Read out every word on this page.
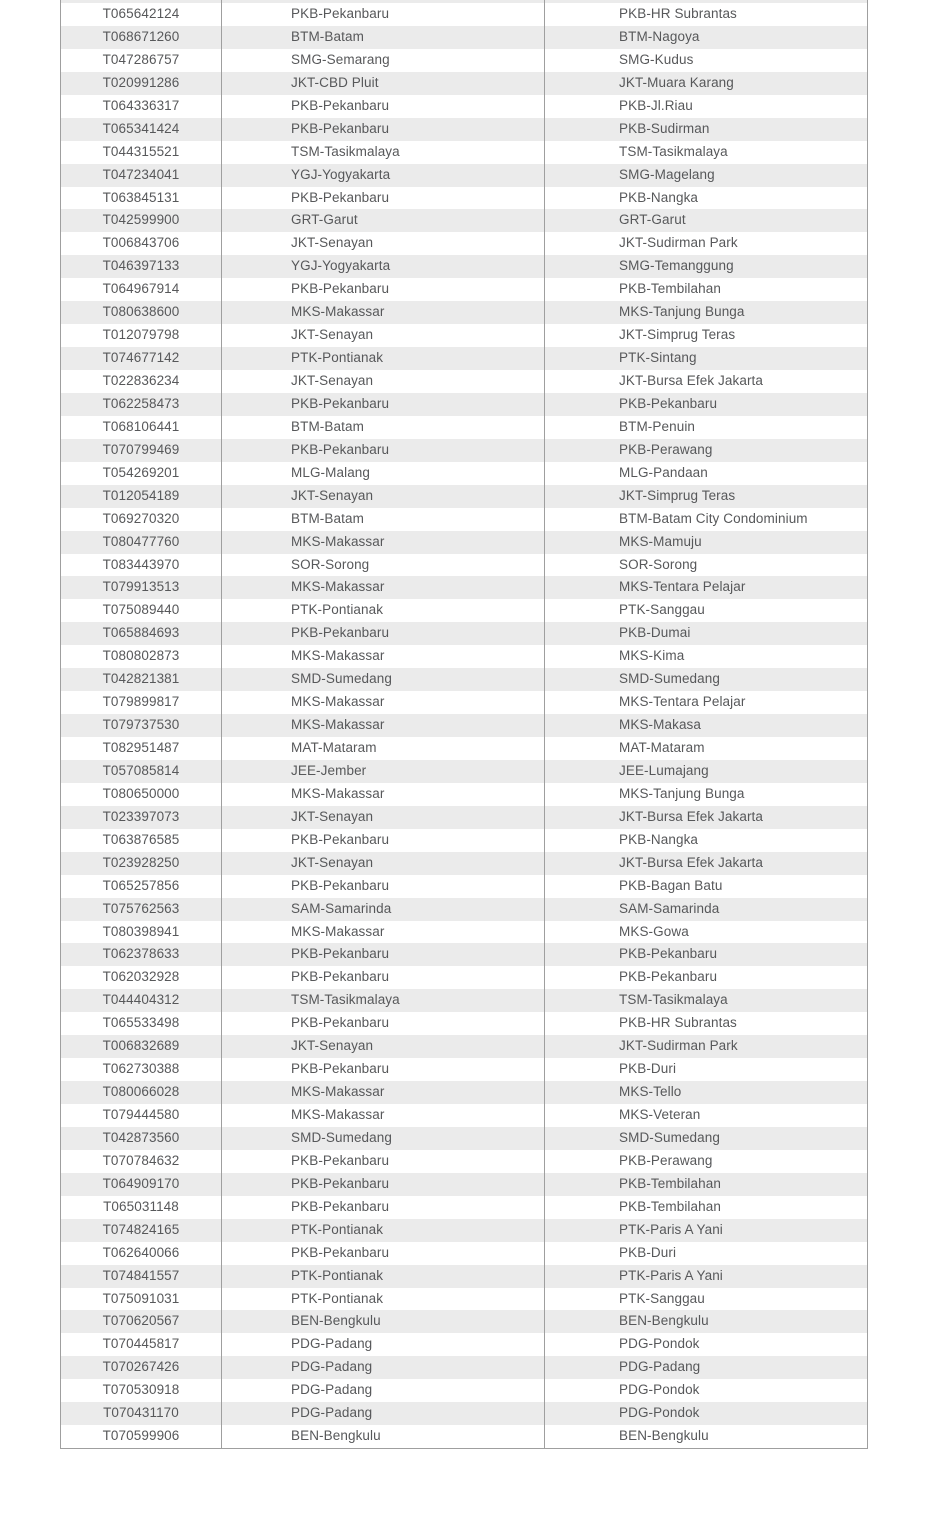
T065642124	PKB-Pekanbaru	PKB-HR Subrantas
T068671260	BTM-Batam	BTM-Nagoya
T047286757	SMG-Semarang	SMG-Kudus
T020991286	JKT-CBD Pluit	JKT-Muara Karang
T064336317	PKB-Pekanbaru	PKB-Jl.Riau
T065341424	PKB-Pekanbaru	PKB-Sudirman
T044315521	TSM-Tasikmalaya	TSM-Tasikmalaya
T047234041	YGJ-Yogyakarta	SMG-Magelang
T063845131	PKB-Pekanbaru	PKB-Nangka
T042599900	GRT-Garut	GRT-Garut
T006843706	JKT-Senayan	JKT-Sudirman Park
T046397133	YGJ-Yogyakarta	SMG-Temanggung
T064967914	PKB-Pekanbaru	PKB-Tembilahan
T080638600	MKS-Makassar	MKS-Tanjung Bunga
T012079798	JKT-Senayan	JKT-Simprug Teras
T074677142	PTK-Pontianak	PTK-Sintang
T022836234	JKT-Senayan	JKT-Bursa Efek Jakarta
T062258473	PKB-Pekanbaru	PKB-Pekanbaru
T068106441	BTM-Batam	BTM-Penuin
T070799469	PKB-Pekanbaru	PKB-Perawang
T054269201	MLG-Malang	MLG-Pandaan
T012054189	JKT-Senayan	JKT-Simprug Teras
T069270320	BTM-Batam	BTM-Batam City Condominium
T080477760	MKS-Makassar	MKS-Mamuju
T083443970	SOR-Sorong	SOR-Sorong
T079913513	MKS-Makassar	MKS-Tentara Pelajar
T075089440	PTK-Pontianak	PTK-Sanggau
T065884693	PKB-Pekanbaru	PKB-Dumai
T080802873	MKS-Makassar	MKS-Kima
T042821381	SMD-Sumedang	SMD-Sumedang
T079899817	MKS-Makassar	MKS-Tentara Pelajar
T079737530	MKS-Makassar	MKS-Makasa
T082951487	MAT-Mataram	MAT-Mataram
T057085814	JEE-Jember	JEE-Lumajang
T080650000	MKS-Makassar	MKS-Tanjung Bunga
T023397073	JKT-Senayan	JKT-Bursa Efek Jakarta
T063876585	PKB-Pekanbaru	PKB-Nangka
T023928250	JKT-Senayan	JKT-Bursa Efek Jakarta
T065257856	PKB-Pekanbaru	PKB-Bagan Batu
T075762563	SAM-Samarinda	SAM-Samarinda
T080398941	MKS-Makassar	MKS-Gowa
T062378633	PKB-Pekanbaru	PKB-Pekanbaru
T062032928	PKB-Pekanbaru	PKB-Pekanbaru
T044404312	TSM-Tasikmalaya	TSM-Tasikmalaya
T065533498	PKB-Pekanbaru	PKB-HR Subrantas
T006832689	JKT-Senayan	JKT-Sudirman Park
T062730388	PKB-Pekanbaru	PKB-Duri
T080066028	MKS-Makassar	MKS-Tello
T079444580	MKS-Makassar	MKS-Veteran
T042873560	SMD-Sumedang	SMD-Sumedang
T070784632	PKB-Pekanbaru	PKB-Perawang
T064909170	PKB-Pekanbaru	PKB-Tembilahan
T065031148	PKB-Pekanbaru	PKB-Tembilahan
T074824165	PTK-Pontianak	PTK-Paris A Yani
T062640066	PKB-Pekanbaru	PKB-Duri
T074841557	PTK-Pontianak	PTK-Paris A Yani
T075091031	PTK-Pontianak	PTK-Sanggau
T070620567	BEN-Bengkulu	BEN-Bengkulu
T070445817	PDG-Padang	PDG-Pondok
T070267426	PDG-Padang	PDG-Padang
T070530918	PDG-Padang	PDG-Pondok
T070431170	PDG-Padang	PDG-Pondok
T070599906	BEN-Bengkulu	BEN-Bengkulu
